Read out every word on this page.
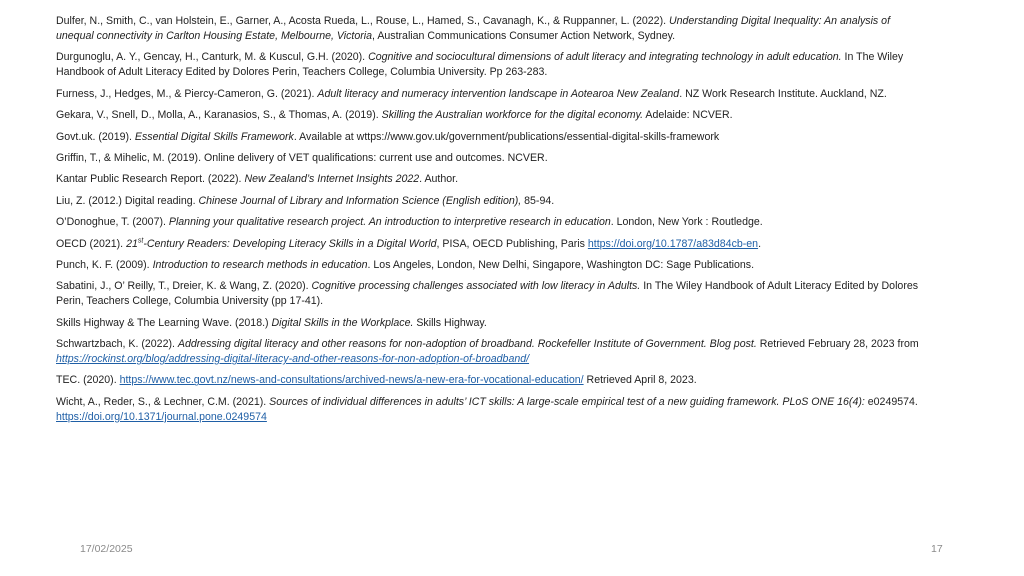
Dulfer, N., Smith, C., van Holstein, E., Garner, A., Acosta Rueda, L., Rouse, L., Hamed, S., Cavanagh, K., & Ruppanner, L. (2022). Understanding Digital Inequality: An analysis of unequal connectivity in Carlton Housing Estate, Melbourne, Victoria, Australian Communications Consumer Action Network, Sydney.

Durgunoglu, A. Y., Gencay, H., Canturk, M. & Kuscul, G.H. (2020). Cognitive and sociocultural dimensions of adult literacy and integrating technology in adult education. In The Wiley Handbook of Adult Literacy Edited by Dolores Perin, Teachers College, Columbia University. Pp 263-283.

Furness, J., Hedges, M., & Piercy-Cameron, G. (2021). Adult literacy and numeracy intervention landscape in Aotearoa New Zealand. NZ Work Research Institute. Auckland, NZ.

Gekara, V., Snell, D., Molla, A., Karanasios, S., & Thomas, A. (2019). Skilling the Australian workforce for the digital economy. Adelaide: NCVER.

Govt.uk. (2019). Essential Digital Skills Framework. Available at wttps://www.gov.uk/government/publications/essential-digital-skills-framework

Griffin, T., & Mihelic, M. (2019). Online delivery of VET qualifications: current use and outcomes. NCVER.

Kantar Public Research Report. (2022). New Zealand’s Internet Insights 2022. Author.

Liu, Z. (2012.) Digital reading. Chinese Journal of Library and Information Science (English edition), 85-94.

O’Donoghue, T. (2007). Planning your qualitative research project. An introduction to interpretive research in education. London, New York : Routledge.

OECD (2021). 21st-Century Readers: Developing Literacy Skills in a Digital World, PISA, OECD Publishing, Paris https://doi.org/10.1787/a83d84cb-en.

Punch, K. F. (2009). Introduction to research methods in education. Los Angeles, London, New Delhi, Singapore, Washington DC: Sage Publications.

Sabatini, J., O’ Reilly, T., Dreier, K. & Wang, Z. (2020). Cognitive processing challenges associated with low literacy in Adults. In The Wiley Handbook of Adult Literacy Edited by Dolores Perin, Teachers College, Columbia University (pp 17-41).

Skills Highway & The Learning Wave. (2018.) Digital Skills in the Workplace. Skills Highway.

Schwartzbach, K. (2022). Addressing digital literacy and other reasons for non-adoption of broadband. Rockefeller Institute of Government. Blog post. Retrieved February 28, 2023 from https://rockinst.org/blog/addressing-digital-literacy-and-other-reasons-for-non-adoption-of-broadband/

TEC. (2020). https://www.tec.govt.nz/news-and-consultations/archived-news/a-new-era-for-vocational-education/ Retrieved April 8, 2023.

Wicht, A., Reder, S., & Lechner, C.M. (2021). Sources of individual differences in adults’ ICT skills: A large-scale empirical test of a new guiding framework. PLoS ONE 16(4): e0249574. https://doi.org/10.1371/journal.pone.0249574

17/02/2025	17
